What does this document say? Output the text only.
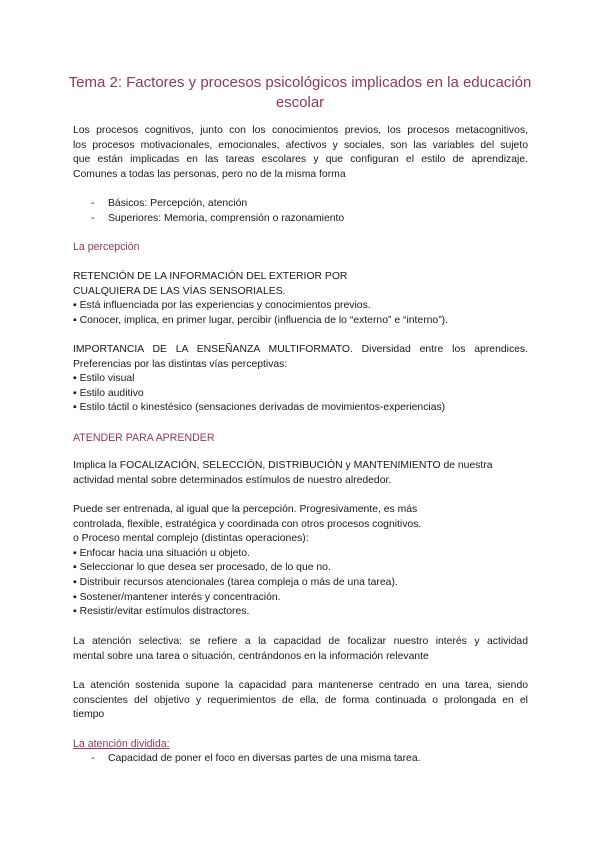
Tema 2: Factores y procesos psicológicos implicados en la educación
escolar
Los procesos cognitivos, junto con los conocimientos previos, los procesos metacognitivos,
los procesos motivacionales, emocionales, afectivos y sociales, son las variables del sujeto
que están implicadas en las tareas escolares y que configuran el estilo de aprendizaje.
Comunes a todas las personas, pero no de la misma forma
- Básicos: Percepción, atención
- Superiores: Memoria, comprensión o razonamiento
La percepción
RETENCIÓN DE LA INFORMACIÓN DEL EXTERIOR POR
CUALQUIERA DE LAS VÍAS SENSORIALES.
▪ Está influenciada por las experiencias y conocimientos previos.
▪ Conocer, implica, en primer lugar, percibir (influencia de lo “externo” e “interno”).
IMPORTANCIA DE LA ENSEÑANZA MULTIFORMATO. Diversidad entre los aprendices.
Preferencias por las distintas vías perceptivas:
▪ Estilo visual
▪ Estilo auditivo
▪ Estilo táctil o kinestésico (sensaciones derivadas de movimientos-experiencias)
ATENDER PARA APRENDER
Implica la FOCALIZACIÓN, SELECCIÓN, DISTRIBUCIÓN y MANTENIMIENTO de nuestra
actividad mental sobre determinados estímulos de nuestro alrededor.
Puede ser entrenada, al igual que la percepción. Progresivamente, es más
controlada, flexible, estratégica y coordinada con otros procesos cognitivos.
o Proceso mental complejo (distintas operaciones):
▪ Enfocar hacia una situación u objeto.
▪ Seleccionar lo que desea ser procesado, de lo que no.
▪ Distribuir recursos atencionales (tarea compleja o más de una tarea).
▪ Sostener/mantener interés y concentración.
▪ Resistir/evitar estímulos distractores.
La atención selectiva: se refiere a la capacidad de focalizar nuestro interés y actividad
mental sobre una tarea o situación, centrándonos en la información relevante
La atención sostenida supone la capacidad para mantenerse centrado en una tarea, siendo
conscientes del objetivo y requerimientos de ella, de forma continuada o prolongada en el
tiempo
La atención dividida:
- Capacidad de poner el foco en diversas partes de una misma tarea.
